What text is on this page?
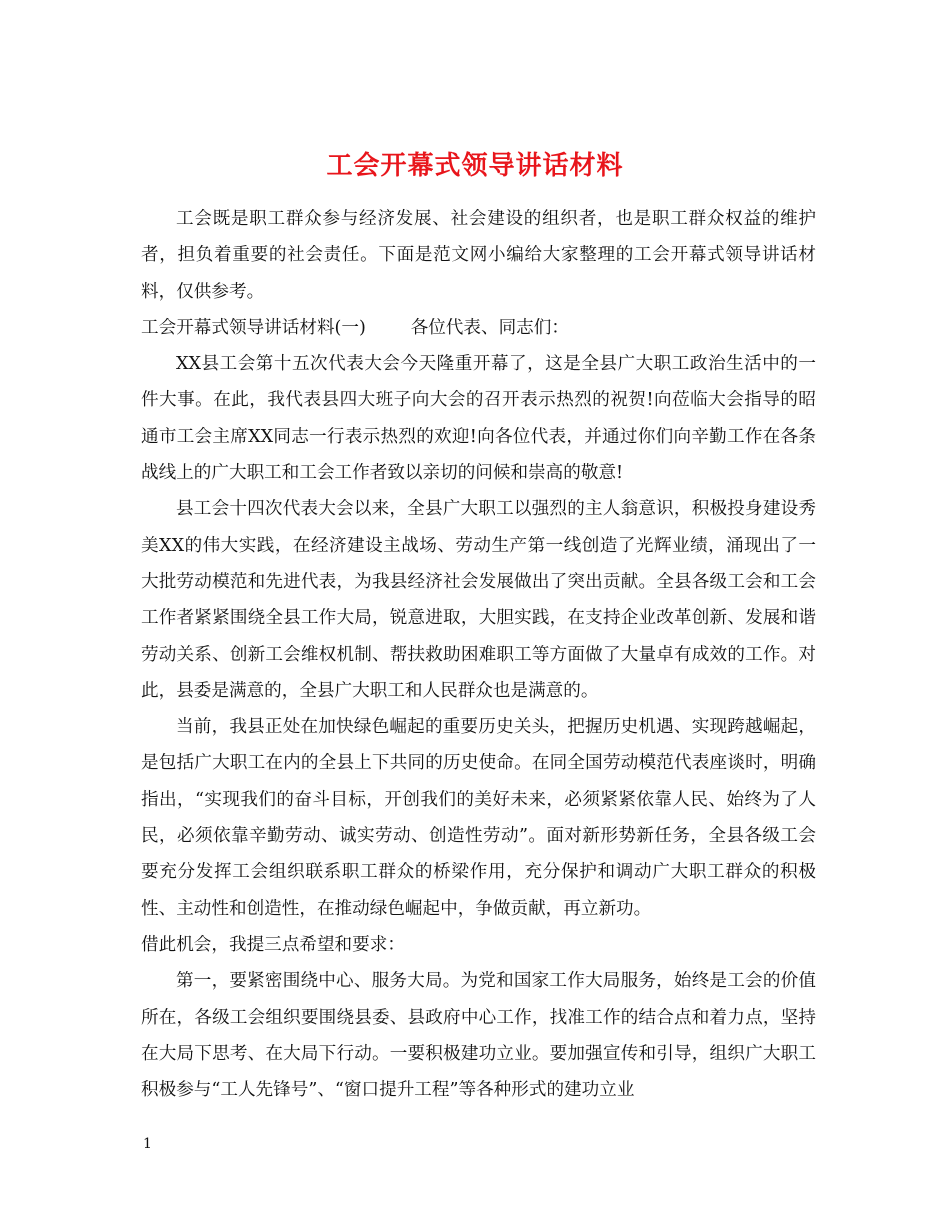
工会开幕式领导讲话材料

工会既是职工群众参与经济发展、社会建设的组织者，也是职工群众权益的维护者，担负着重要的社会责任。下面是范文网小编给大家整理的工会开幕式领导讲话材料，仅供参考。

工会开幕式领导讲话材料(一)	各位代表、同志们：

XX县工会第十五次代表大会今天隆重开幕了，这是全县广大职工政治生活中的一件大事。在此，我代表县四大班子向大会的召开表示热烈的祝贺!向莅临大会指导的昭通市工会主席XX同志一行表示热烈的欢迎!向各位代表，并通过你们向辛勤工作在各条战线上的广大职工和工会工作者致以亲切的问候和崇高的敬意!

县工会十四次代表大会以来，全县广大职工以强烈的主人翁意识，积极投身建设秀美XX的伟大实践，在经济建设主战场、劳动生产第一线创造了光辉业绩，涌现出了一大批劳动模范和先进代表，为我县经济社会发展做出了突出贡献。全县各级工会和工会工作者紧紧围绕全县工作大局，锐意进取，大胆实践，在支持企业改革创新、发展和谐劳动关系、创新工会维权机制、帮扶救助困难职工等方面做了大量卓有成效的工作。对此，县委是满意的，全县广大职工和人民群众也是满意的。

当前，我县正处在加快绿色崛起的重要历史关头，把握历史机遇、实现跨越崛起，是包括广大职工在内的全县上下共同的历史使命。在同全国劳动模范代表座谈时，明确指出，“实现我们的奋斗目标，开创我们的美好未来，必须紧紧依靠人民、始终为了人民，必须依靠辛勤劳动、诚实劳动、创造性劳动”。面对新形势新任务，全县各级工会要充分发挥工会组织联系职工群众的桥梁作用，充分保护和调动广大职工群众的积极性、主动性和创造性，在推动绿色崛起中，争做贡献，再立新功。

借此机会，我提三点希望和要求：

第一，要紧密围绕中心、服务大局。为党和国家工作大局服务，始终是工会的价值所在，各级工会组织要围绕县委、县政府中心工作，找准工作的结合点和着力点，坚持在大局下思考、在大局下行动。一要积极建功立业。要加强宣传和引导，组织广大职工积极参与“工人先锋号”、“窗口提升工程”等各种形式的建功立业

1
